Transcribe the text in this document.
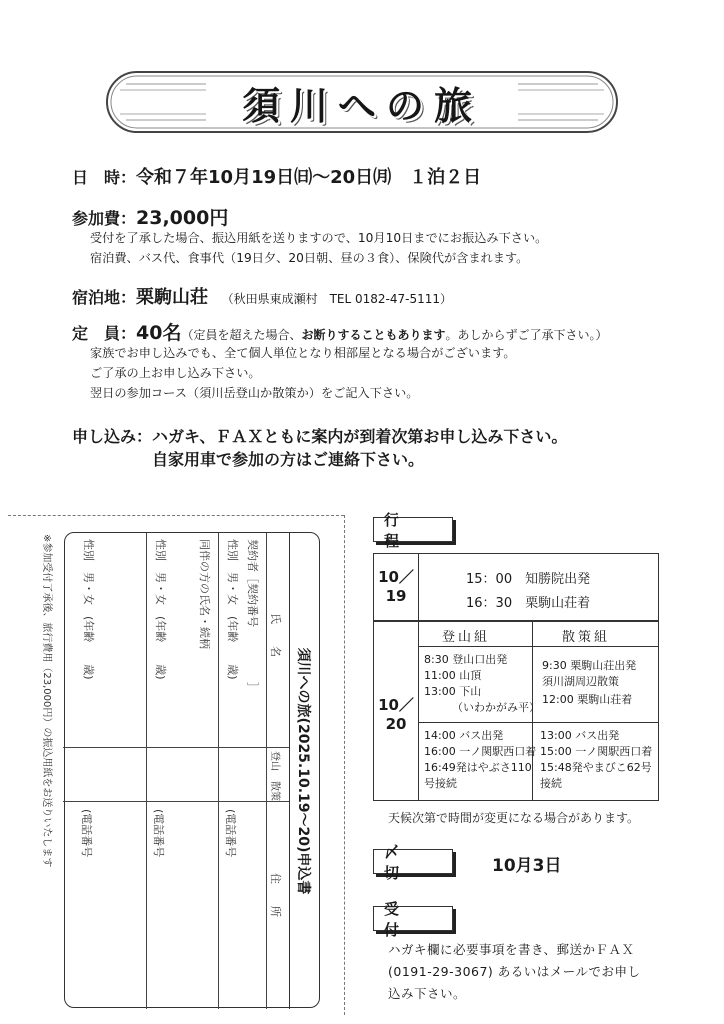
須川への旅
日　時：令和７年10月19日㈰～20日㈪　１泊２日
参加費：23,000円
受付を了承した場合、振込用紙を送りますので、10月10日までにお振込み下さい。
宿泊費、バス代、食事代（19日夕、20日朝、昼の３食）、保険代が含まれます。
宿泊地：栗駒山荘 （秋田県東成瀬村　TEL 0182-47-5111）
定　員：40名（定員を超えた場合、お断りすることもあります。あしからずご了承下さい。）
家族でお申し込みでも、全て個人単位となり相部屋となる場合がございます。
ご了承の上お申し込み下さい。
翌日の参加コース（須川岳登山か散策か）をご記入下さい。
申し込み：ハガキ、ＦＡＸともに案内が到着次第お申し込み下さい。
自家用車で参加の方はご連絡下さい。
須川への旅(2025.10.19～20)申込書
氏　　名
登山　散策
住　　所
契約者［契約番号　　　　　］
性別　男・女　(年齢　　歳)
(電話番号
同伴の方の氏名・続柄
性別　男・女　(年齢　　歳)
(電話番号
性別　男・女　(年齢　　歳)
(電話番号
※参加受付了承後、旅行費用（23,000円）の振込用紙をお送りいたします
行　程
10／19
15：00　知勝院出発
16：30　栗駒山荘着
10／20
登山組	散策組
8:30 登山口出発
11:00 山頂
13:00 下山
（いわかがみ平）
9:30 栗駒山荘出発
須川湖周辺散策
12:00 栗駒山荘着
14:00 バス出発
16:00 一ノ関駅西口着
16:49発はやぶさ110
号接続
13:00 バス出発
15:00 一ノ関駅西口着
15:48発やまびこ62号
接続
天候次第で時間が変更になる場合があります。
〆　切	10月3日
受　付
ハガキ欄に必要事項を書き、郵送かＦＡＸ
(0191-29-3067) あるいはメールでお申し
込み下さい。
